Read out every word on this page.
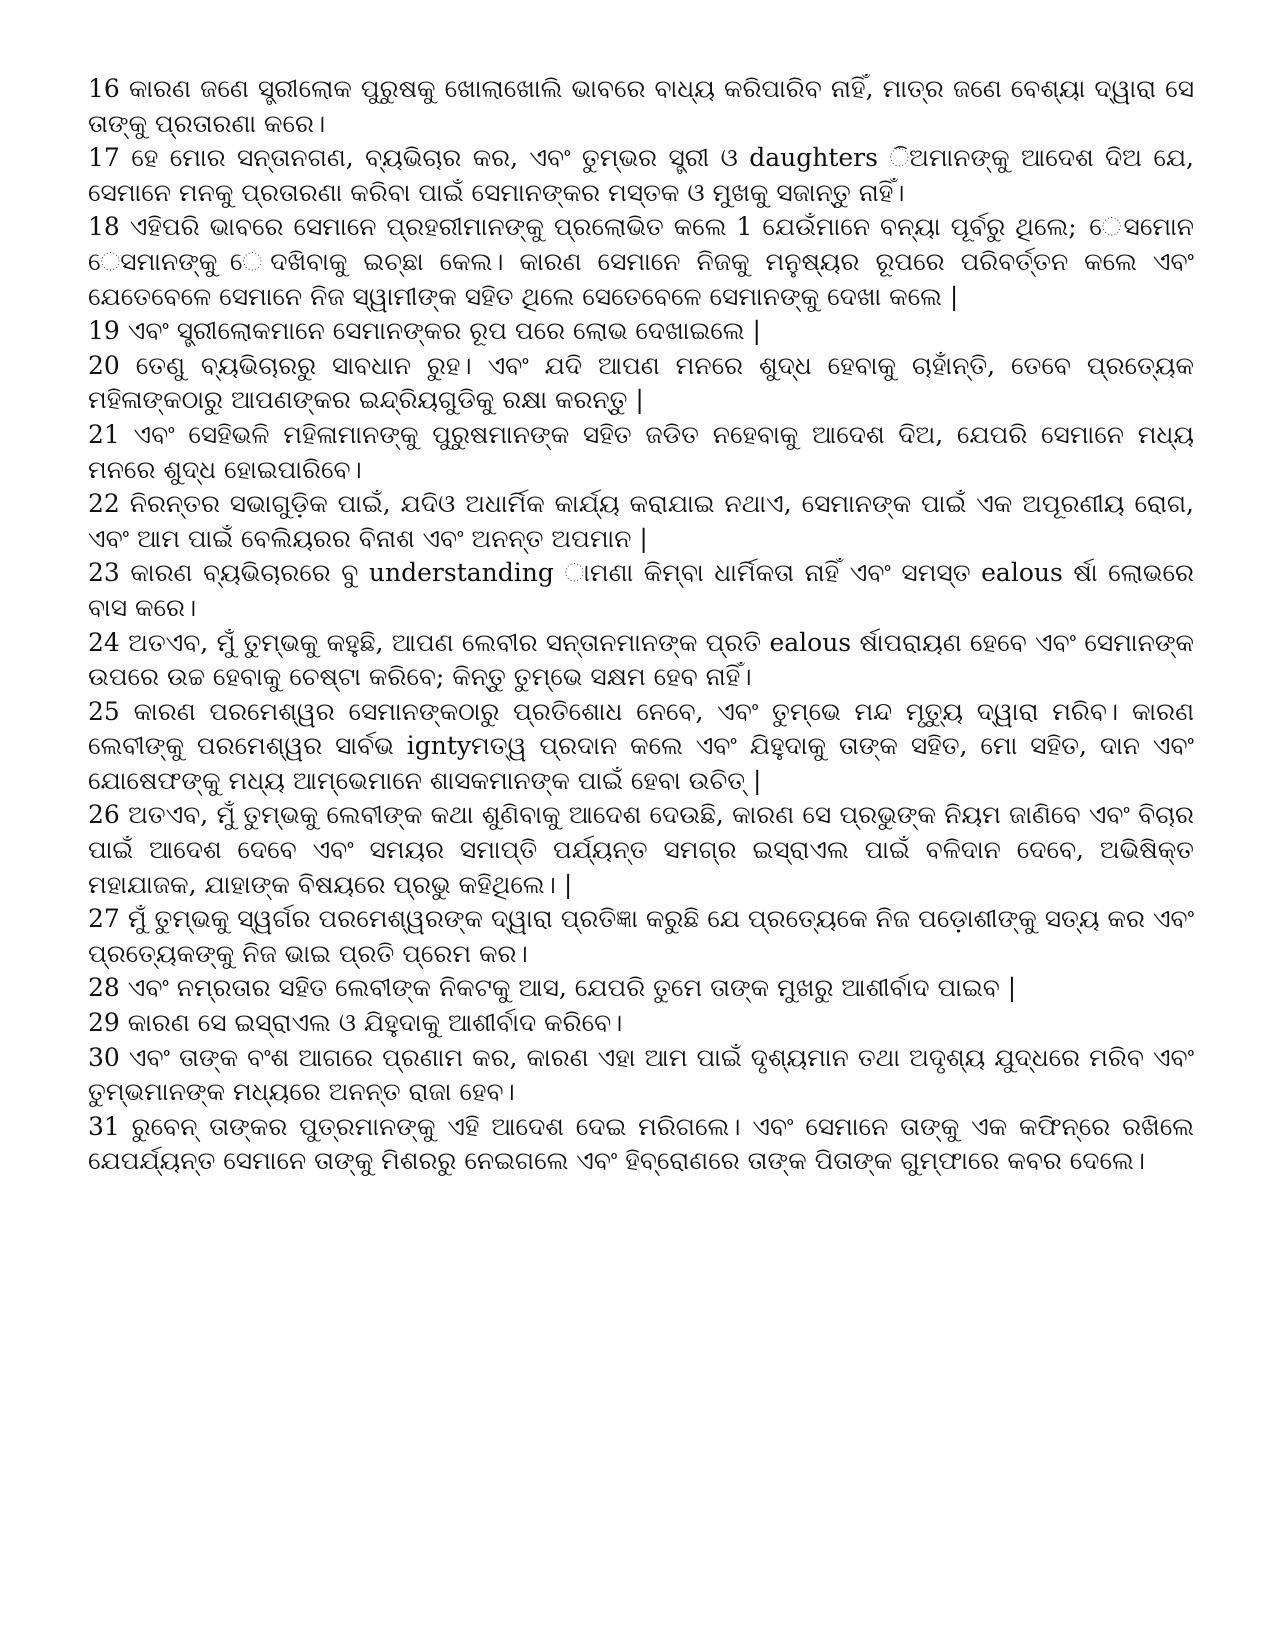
16 କାରଣ ଜଣେ ସ୍ତ୍ରୀଲୋକ ପୁରୁଷକୁ ଖୋଲାଖୋଲି ଭାବରେ ବାଧ୍ୟ କରିପାରିବ ନାହିଁ, ମାତ୍ର ଜଣେ ବେଶ୍ୟା ଦ୍ୱାରା ସେ ତାଙ୍କୁ ପ୍ରତାରଣା କରେ।

17 ହେ ମୋର ସନ୍ତାନଗଣ, ବ୍ୟଭିଚାର କର, ଏବଂ ତୁମ୍ଭର ସ୍ତ୍ରୀ ଓ daughters ିଅମାନଙ୍କୁ ଆଦେଶ ଦିଅ ଯେ, ସେମାନେ ମନକୁ ପ୍ରତାରଣା କରିବା ପାଇଁ ସେମାନଙ୍କର ମସ୍ତକ ଓ ମୁଖକୁ ସଜାନ୍ତୁ ନାହିଁ।

18 ଏହିପରି ଭାବରେ ସେମାନେ ପ୍ରହରୀମାନଙ୍କୁ ପ୍ରଲୋଭିତ କଲେ 1 ଯେଉଁମାନେ ବନ୍ୟା ପୂର୍ବରୁ ଥିଲେ; େସମାେନ େସମାନଙ୍କୁ େଦଖିବାକୁ ଇଚ୍ଛା କେଲ। କାରଣ ସେମାନେ ନିଜକୁ ମନୁଷ୍ୟର ରୂପରେ ପରିବର୍ତ୍ତନ କଲେ ଏବଂ ଯେତେବେଳେ ସେମାନେ ନିଜ ସ୍ୱାମୀଙ୍କ ସହିତ ଥିଲେ ସେତେବେଳେ ସେମାନଙ୍କୁ ଦେଖା କଲେ |

19 ଏବଂ ସ୍ତ୍ରୀଲୋକମାନେ ସେମାନଙ୍କର ରୂପ ପରେ ଲୋଭ ଦେଖାଇଲେ |

20 ତେଣୁ ବ୍ୟଭିଚାରରୁ ସାବଧାନ ରୁହ। ଏବଂ ଯଦି ଆପଣ ମନରେ ଶୁଦ୍ଧ ହେବାକୁ ଚାହାଁନ୍ତି, ତେବେ ପ୍ରତ୍ୟେକ ମହିଳାଙ୍କଠାରୁ ଆପଣଙ୍କର ଇନ୍ଦ୍ରିୟଗୁଡିକୁ ରକ୍ଷା କରନ୍ତୁ |

21 ଏବଂ ସେହିଭଳି ମହିଳାମାନଙ୍କୁ ପୁରୁଷମାନଙ୍କ ସହିତ ଜଡିତ ନହେବାକୁ ଆଦେଶ ଦିଅ, ଯେପରି ସେମାନେ ମଧ୍ୟ ମନରେ ଶୁଦ୍ଧ ହୋଇପାରିବେ।

22 ନିରନ୍ତର ସଭାଗୁଡ଼ିକ ପାଇଁ, ଯଦିଓ ଅଧାର୍ମିକ କାର୍ଯ୍ୟ କରାଯାଇ ନଥାଏ, ସେମାନଙ୍କ ପାଇଁ ଏକ ଅପୂରଣୀୟ ରୋଗ, ଏବଂ ଆମ ପାଇଁ ବେଲିୟରର ବିନାଶ ଏବଂ ଅନନ୍ତ ଅପମାନ |

23 କାରଣ ବ୍ୟଭିଚାରରେ ବୁ understanding ାମଣା କିମ୍ବା ଧାର୍ମିକତା ନାହିଁ ଏବଂ ସମସ୍ତ ealous ର୍ଷା ଲୋଭରେ ବାସ କରେ।

24 ଅତଏବ, ମୁଁ ତୁମ୍ଭକୁ କହୁଛି, ଆପଣ ଲେବୀର ସନ୍ତାନମାନଙ୍କ ପ୍ରତି ealous ର୍ଷାପରାୟଣ ହେବେ ଏବଂ ସେମାନଙ୍କ ଉପରେ ଉଚ୍ଚ ହେବାକୁ ଚେଷ୍ଟା କରିବେ; କିନ୍ତୁ ତୁମ୍ଭେ ସକ୍ଷମ ହେବ ନାହିଁ।

25 କାରଣ ପରମେଶ୍ୱର ସେମାନଙ୍କଠାରୁ ପ୍ରତିଶୋଧ ନେବେ, ଏବଂ ତୁମ୍ଭେ ମନ୍ଦ ମୃତ୍ୟୁ ଦ୍ୱାରା ମରିବ। କାରଣ ଲେବୀଙ୍କୁ ପରମେଶ୍ୱର ସାର୍ବଭ igntyମତ୍ୱ ପ୍ରଦାନ କଲେ ଏବଂ ଯିହୁଦାକୁ ତାଙ୍କ ସହିତ, ମୋ ସହିତ, ଦାନ ଏବଂ ଯୋଷେଫଙ୍କୁ ମଧ୍ୟ ଆମ୍ଭେମାନେ ଶାସକମାନଙ୍କ ପାଇଁ ହେବା ଉଚିତ୍ |

26 ଅତଏବ, ମୁଁ ତୁମ୍ଭକୁ ଲେବୀଙ୍କ କଥା ଶୁଣିବାକୁ ଆଦେଶ ଦେଉଛି, କାରଣ ସେ ପ୍ରଭୁଙ୍କ ନିୟମ ଜାଣିବେ ଏବଂ ବିଚାର ପାଇଁ ଆଦେଶ ଦେବେ ଏବଂ ସମୟର ସମାପ୍ତି ପର୍ଯ୍ୟନ୍ତ ସମଗ୍ର ଇସ୍ରାଏଲ ପାଇଁ ବଳିଦାନ ଦେବେ, ଅଭିଷିକ୍ତ ମହାଯାଜକ, ଯାହାଙ୍କ ବିଷୟରେ ପ୍ରଭୁ କହିଥିଲେ। |

27 ମୁଁ ତୁମ୍ଭକୁ ସ୍ୱର୍ଗର ପରମେଶ୍ୱରଙ୍କ ଦ୍ୱାରା ପ୍ରତିଜ୍ଞା କରୁଛି ଯେ ପ୍ରତ୍ୟେକେ ନିଜ ପଡ଼ୋଶୀଙ୍କୁ ସତ୍ୟ କର ଏବଂ ପ୍ରତ୍ୟେକଙ୍କୁ ନିଜ ଭାଇ ପ୍ରତି ପ୍ରେମ କର।

28 ଏବଂ ନମ୍ରତାର ସହିତ ଲେବୀଙ୍କ ନିକଟକୁ ଆସ, ଯେପରି ତୁମେ ତାଙ୍କ ମୁଖରୁ ଆଶୀର୍ବାଦ ପାଇବ |

29 କାରଣ ସେ ଇସ୍ରାଏଲ ଓ ଯିହୁଦାକୁ ଆଶୀର୍ବାଦ କରିବେ।

30 ଏବଂ ତାଙ୍କ ବଂଶ ଆଗରେ ପ୍ରଣାମ କର, କାରଣ ଏହା ଆମ ପାଇଁ ଦୃଶ୍ୟମାନ ତଥା ଅଦୃଶ୍ୟ ଯୁଦ୍ଧରେ ମରିବ ଏବଂ ତୁମ୍ଭମାନଙ୍କ ମଧ୍ୟରେ ଅନନ୍ତ ରାଜା ହେବ।

31 ରୁବେନ୍ ତାଙ୍କର ପୁତ୍ରମାନଙ୍କୁ ଏହି ଆଦେଶ ଦେଇ ମରିଗଲେ। ଏବଂ ସେମାନେ ତାଙ୍କୁ ଏକ କଫିନ୍‌ରେ ରଖିଲେ ଯେପର୍ଯ୍ୟନ୍ତ ସେମାନେ ତାଙ୍କୁ ମିଶରରୁ ନେଇଗଲେ ଏବଂ ହିବ୍ରୋଣରେ ତାଙ୍କ ପିତାଙ୍କ ଗୁମ୍ଫାରେ କବର ଦେଲେ।
